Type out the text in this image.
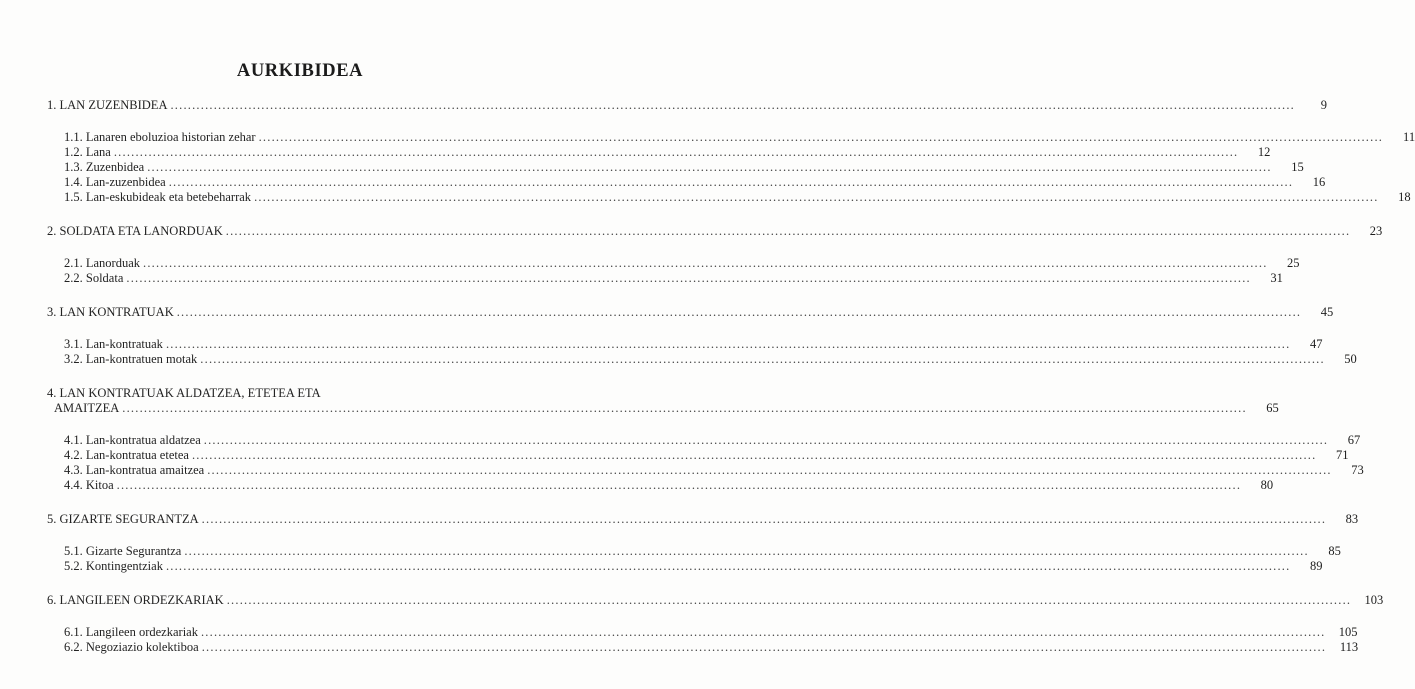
AURKIBIDEA
1. LAN ZUZENBIDEA ....................................................................................................................................................................................................................................................................	9
1.1. Lanaren eboluzioa historian zehar ....................................................................................................................................................................................................................................................................	11
1.2. Lana ....................................................................................................................................................................................................................................................................	12
1.3. Zuzenbidea ....................................................................................................................................................................................................................................................................	15
1.4. Lan-zuzenbidea ....................................................................................................................................................................................................................................................................	16
1.5. Lan-eskubideak eta betebeharrak ....................................................................................................................................................................................................................................................................	18
2. SOLDATA ETA LANORDUAK ....................................................................................................................................................................................................................................................................	23
2.1. Lanorduak ....................................................................................................................................................................................................................................................................	25
2.2. Soldata ....................................................................................................................................................................................................................................................................	31
3. LAN KONTRATUAK ....................................................................................................................................................................................................................................................................	45
3.1. Lan-kontratuak ....................................................................................................................................................................................................................................................................	47
3.2. Lan-kontratuen motak ....................................................................................................................................................................................................................................................................	50
4. LAN KONTRATUAK ALDATZEA, ETETEA ETA
AMAITZEA ....................................................................................................................................................................................................................................................................	65
4.1. Lan-kontratua aldatzea ....................................................................................................................................................................................................................................................................	67
4.2. Lan-kontratua etetea ....................................................................................................................................................................................................................................................................	71
4.3. Lan-kontratua amaitzea ....................................................................................................................................................................................................................................................................	73
4.4. Kitoa ....................................................................................................................................................................................................................................................................	80
5. GIZARTE SEGURANTZA ....................................................................................................................................................................................................................................................................	83
5.1. Gizarte Segurantza ....................................................................................................................................................................................................................................................................	85
5.2. Kontingentziak ....................................................................................................................................................................................................................................................................	89
6. LANGILEEN ORDEZKARIAK ....................................................................................................................................................................................................................................................................	103
6.1. Langileen ordezkariak ....................................................................................................................................................................................................................................................................	105
6.2. Negoziazio kolektiboa ....................................................................................................................................................................................................................................................................	113
